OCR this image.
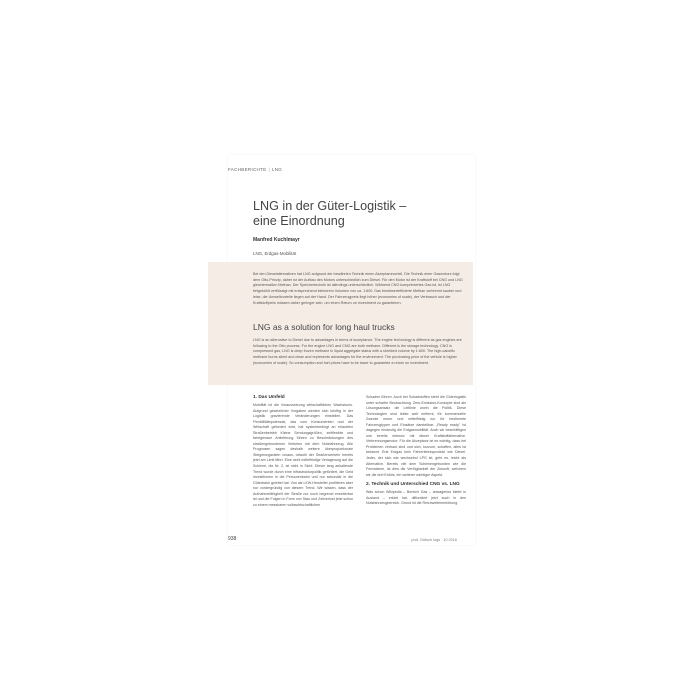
FACHBERICHTE | LNG
LNG in der Güter-Logistik –
eine Einordnung
Manfred Kuchlmayr
LNG, Erdgas-Mobilität

Bei den Dieselalternativen hat LNG aufgrund der bewährten Technik einen Akzeptanzvorteil. Die Technik einer Gasmotors folgt dem Otto-Prinzip, daher ist der Aufbau des Motors unterschiedlich zum Diesel. Für den Motor ist der Kraftstoff bei CNG und LNG gleichermaßen Methan. Der Speichertechnik ist allerdings unterschiedlich. Während CNG komprimiertes Gas ist, ist LNG tiefgekühlt verflüssigt mit entsprechend kleinerem Volumen von ca. 1:600. Das bereitwerteffizierte Methan verbrennt sauber und leise, die Umweltvorteile liegen auf der Hand. Der Fahrzeugpreis liegt höher (economies of scale), der Verbrauch und der Kraftstoffpreis müssen daher geringer sein, um einen Return on Investment zu garantieren.

LNG as a solution for long haul trucks

LNG is an alternative to Diesel due to advantages in terms of acceptance. The engine technology is different as gas engines are following to the Otto process. For the engine LNG and CNG are both methane. Different is the storage technology. CNG is compressed gas, LNG is deep frozen methane in liquid aggregate status with a shrinked volume by 1:600. The high-calorific methane burns silent and clean and represents advantages for the environment. The purchasing price of the vehicle is higher (economies of scale). So consumption and fuel prices have to be lower to guarantee a return on investment.

1. Das Umfeld

Mobilität ist die Voraussetzung wirtschaftlichen Wachstums. Aufgrund gesetzlicher Vorgaben werden sich künftig in der Logistik gravierende Veränderungen einstellen. Das Flexibilitätspotenzial, das vom Konsumenten und der Wirtschaft gefordert wird, hat systembedingt an erlaubten Straßenbetrieb Kleine Sendungsgrößen, zeitflexible und fahrtgenaue Anlieferung führen zu Beschränkungen des straßengebundenen Verkehrs mit dem Nutzfahrzeug. Alle Prognosen sagen deshalb weitere überproportionale Steigerungsraten voraus, obwohl der Straßenverkehr bereits jetzt am Limit fährt. Eine wohl mittelfristige Verlagerung auf die Schiene, die Nr. 2, ist nicht in Sicht. Dieser lang anhaltende Trend wurde durch eine Infrastrukturpolitik gefördert, die Geld investitionen in die Personenbahn und nur sekundär in die Güterbahn geleitet hat. Von als LKW-Hersteller profitieren aber nur vordergründig von diesem Trend. Wir wissen, dass der Aufnahmefähigkeit der Straße nur noch begrenzt erweiterbar ist und die Folgen in Form von Stau und Zeitverlust jetzt schon zu einem messbaren volkswirtschaftlichen

Schaden führen. Auch bei Schadstoffen steht die Güterlogistik unter scharfer Beobachtung. Zero-Emission-Konzepte sind als Lösungsansatz die Leitlinie worin die Politik. Diese Technologien sind leider weit entfernt, für kommerzielle Zwecke neuer und mittelfristig nur für bestimmte Fahrzeugtypen und Einsätze darstellbar. „Ready ready" ist dagegen eindeutig die Erdgasmobilität. Auch wir beschäftigen uns bereits intensiv mit dieser Kraftstoffalternative. Verbrennungsmotor. Für die Akzeptanz ist es wichtig, dass bei Problemen vertraut sind und sich, kurzum, schaffen, alles ist bekannt. Erst Erdgas kein Fahrerlebnisprodukt wie Diesel. Jeder, der sich wie wechselnd LPG ist, geht es, leicht als Alternative. Bereits viel dem Schienengebunden wie die Fernwärme, ist dies die Verfügbarkeit der Zukunft, welchem wir die drei Erdöls, ein weiterer wichtiger Aspekt.

2. Technik und Unterschied CNG vs. LNG

Was schon Wikipedia – Bereich Gas – anwagerlos bietet in Ausland – erkärt hat, diffundiert jetzt auch in den Nutzfahrzeugbereich. Grund ist die Reichweitenerhöhung.

938	prof. Gütsch logs 10 2016
